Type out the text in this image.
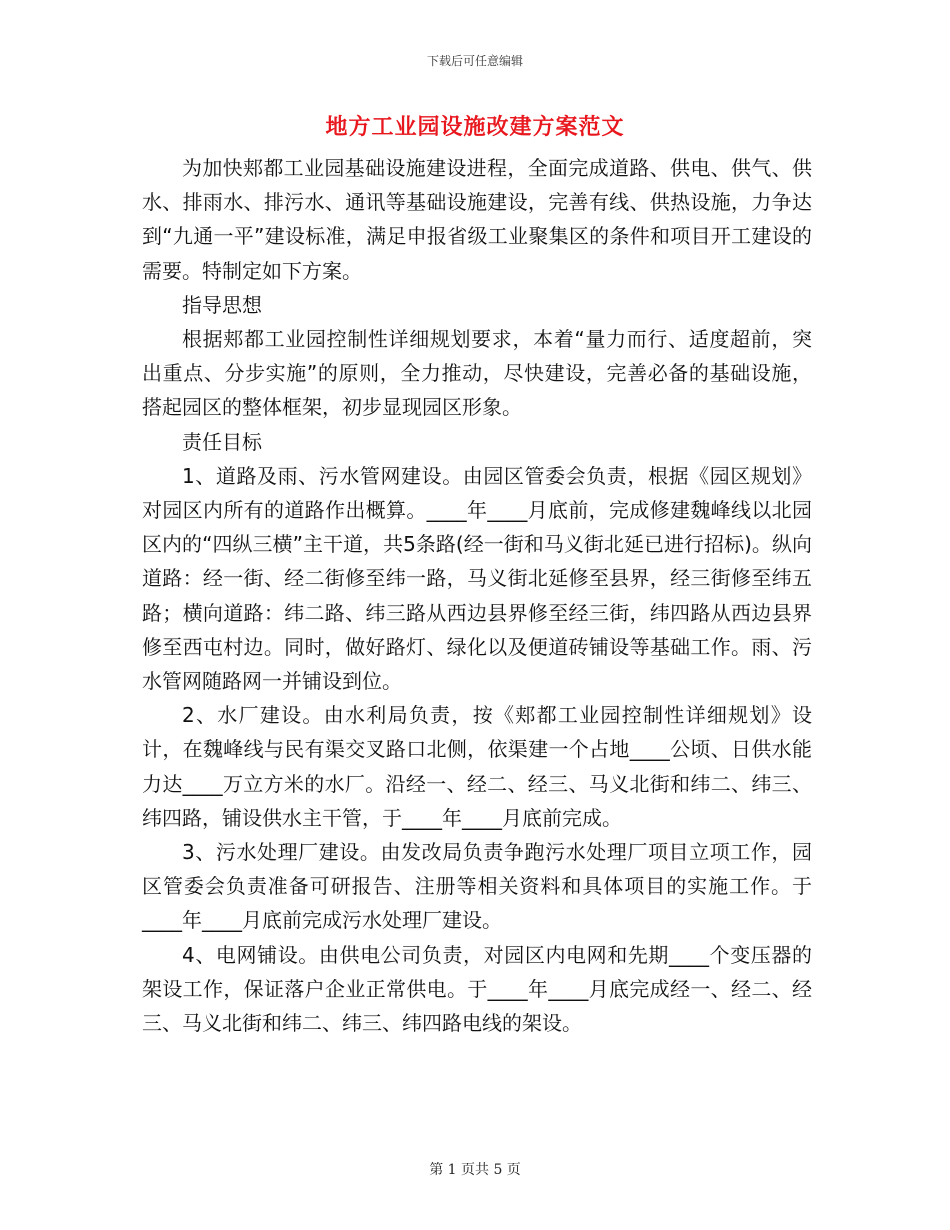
下载后可任意编辑
地方工业园设施改建方案范文

为加快郏都工业园基础设施建设进程，全面完成道路、供电、供气、供水、排雨水、排污水、通讯等基础设施建设，完善有线、供热设施，力争达到“九通一平”建设标准，满足申报省级工业聚集区的条件和项目开工建设的需要。特制定如下方案。

指导思想

根据郏都工业园控制性详细规划要求，本着“量力而行、适度超前，突出重点、分步实施”的原则，全力推动，尽快建设，完善必备的基础设施，搭起园区的整体框架，初步显现园区形象。

责任目标

1、道路及雨、污水管网建设。由园区管委会负责，根据《园区规划》对园区内所有的道路作出概算。____年____月底前，完成修建魏峰线以北园区内的“四纵三横”主干道，共5条路(经一街和马义街北延已进行招标)。纵向道路：经一街、经二街修至纬一路，马义街北延修至县界，经三街修至纬五路；横向道路：纬二路、纬三路从西边县界修至经三街，纬四路从西边县界修至西屯村边。同时，做好路灯、绿化以及便道砖铺设等基础工作。雨、污水管网随路网一并铺设到位。

2、水厂建设。由水利局负责，按《郏都工业园控制性详细规划》设计，在魏峰线与民有渠交叉路口北侧，依渠建一个占地____公顷、日供水能力达____万立方米的水厂。沿经一、经二、经三、马义北街和纬二、纬三、纬四路，铺设供水主干管，于____年____月底前完成。

3、污水处理厂建设。由发改局负责争跑污水处理厂项目立项工作，园区管委会负责准备可研报告、注册等相关资料和具体项目的实施工作。于____年____月底前完成污水处理厂建设。

4、电网铺设。由供电公司负责，对园区内电网和先期____个变压器的架设工作，保证落户企业正常供电。于____年____月底完成经一、经二、经三、马义北街和纬二、纬三、纬四路电线的架设。

第 1 页共 5 页
